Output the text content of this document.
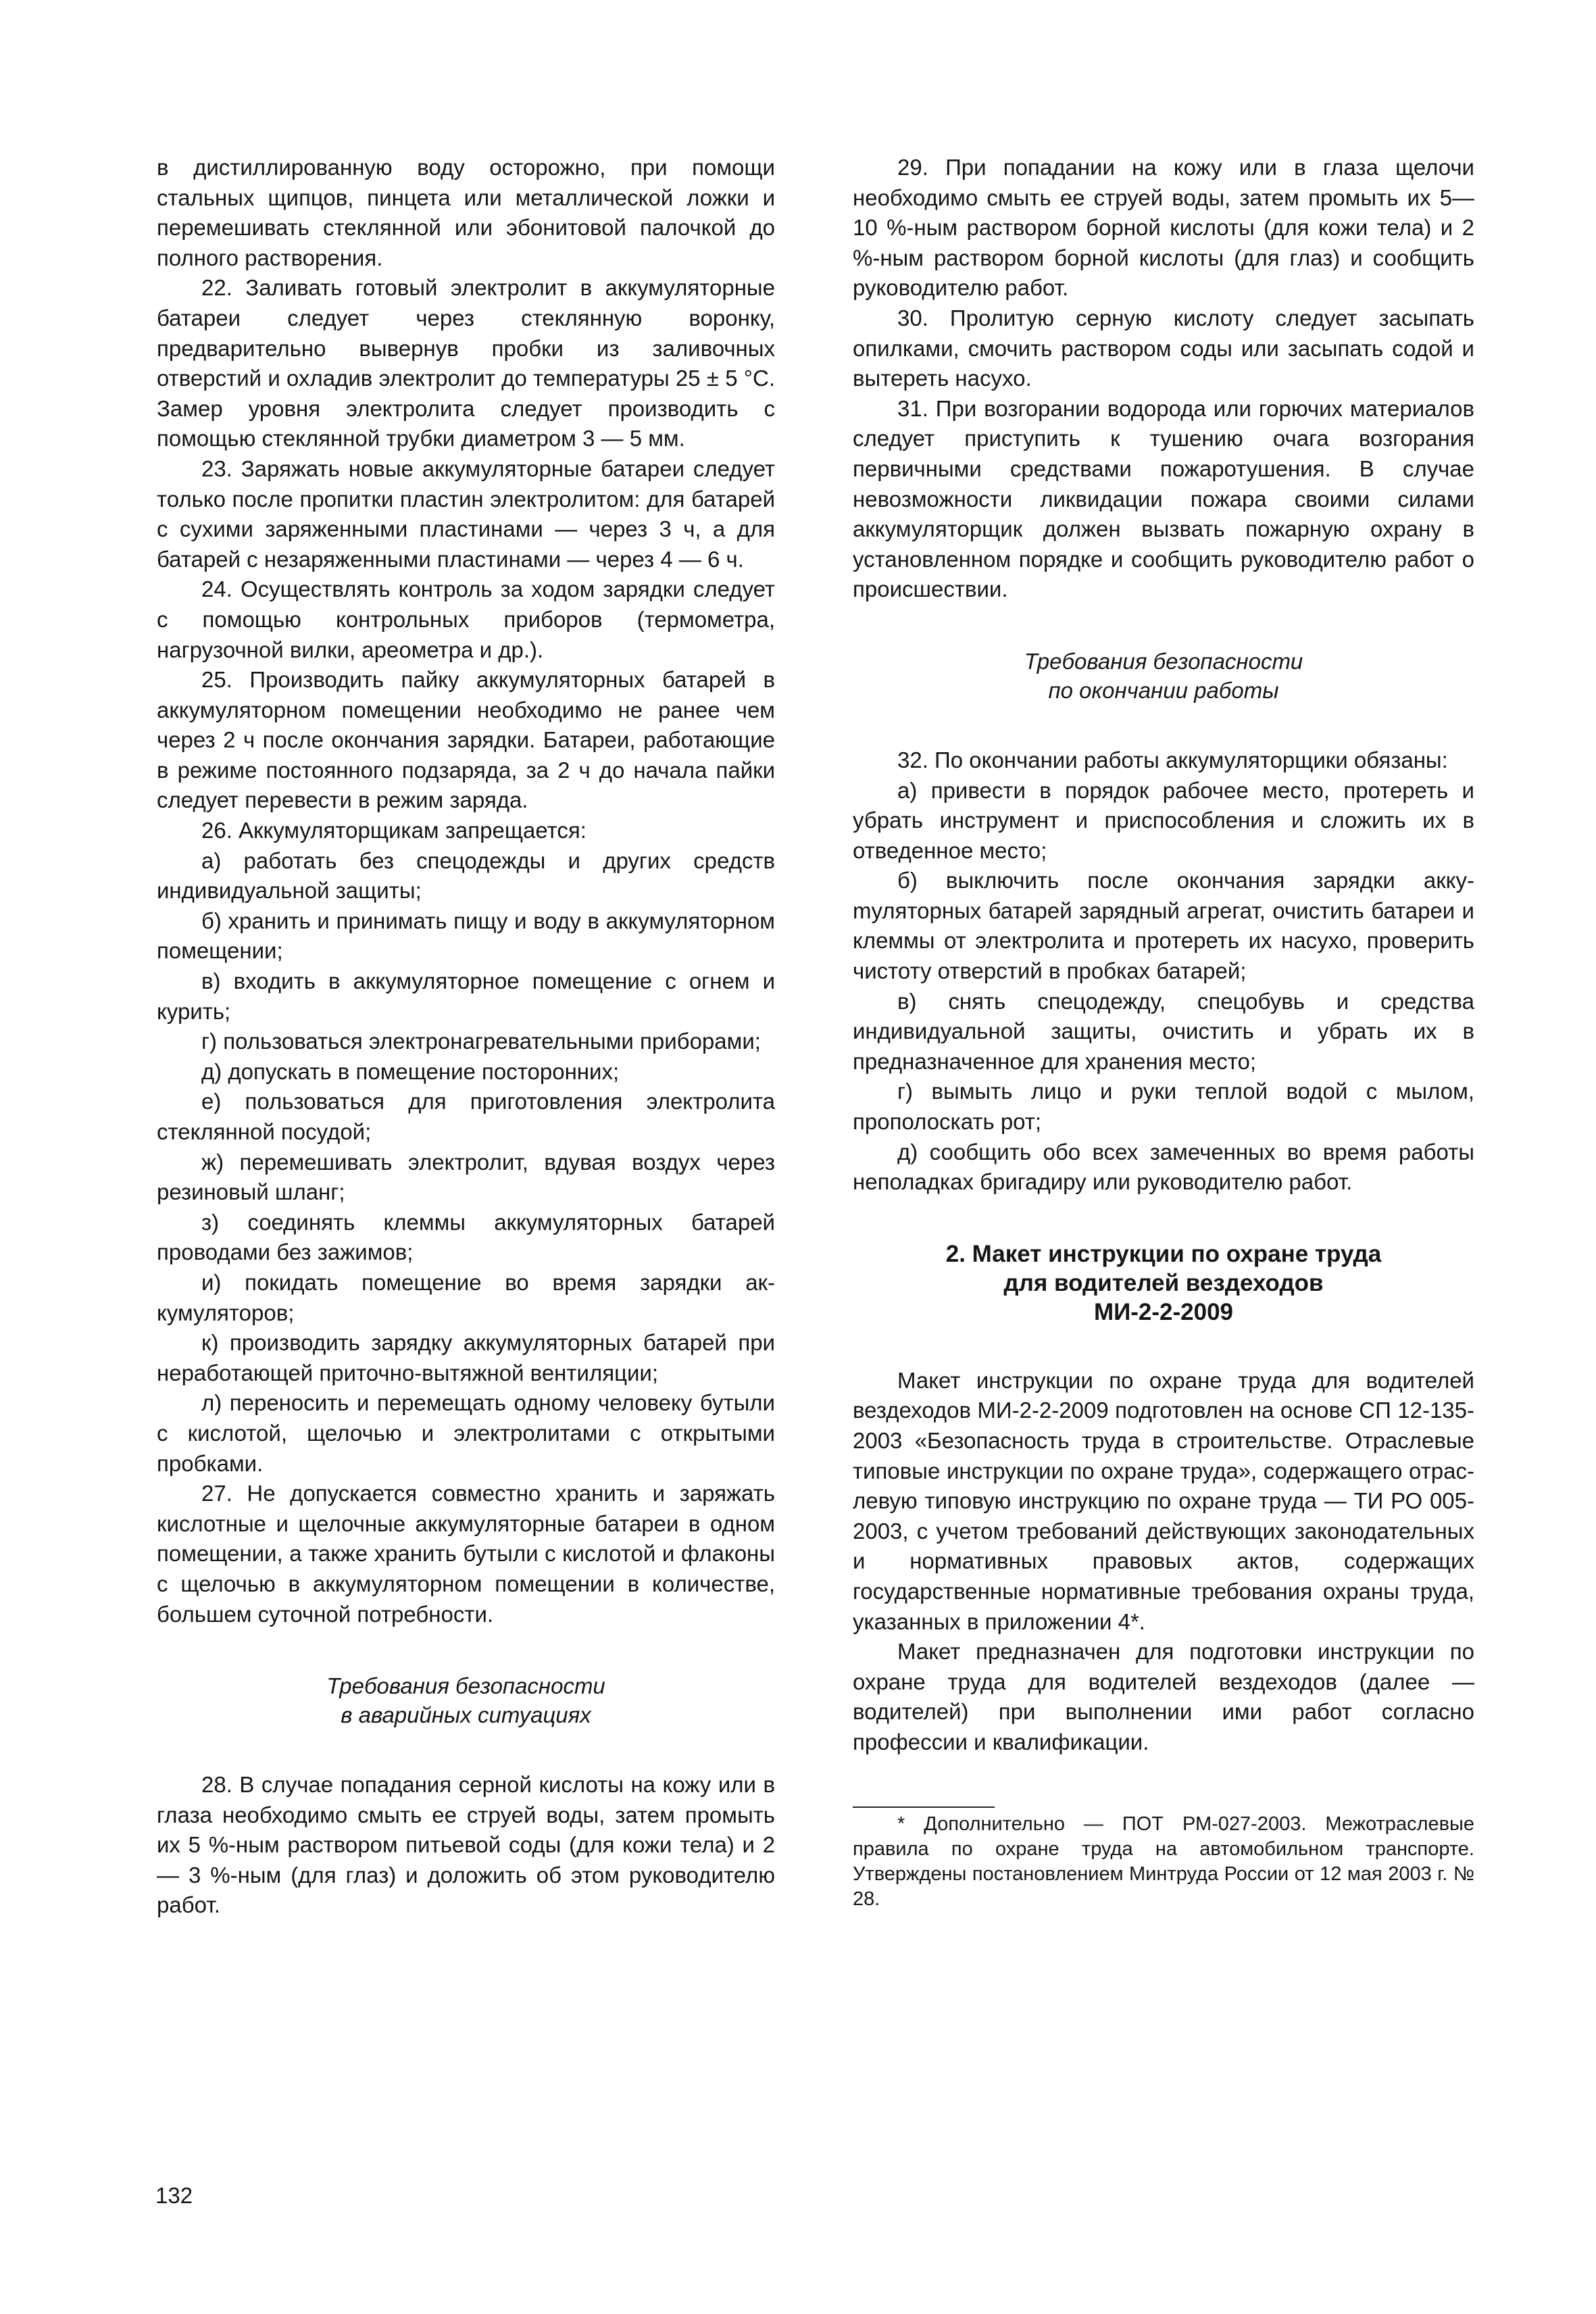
в дистиллированную воду осторожно, при помощи стальных щипцов, пинцета или металлической ложки и перемешивать стеклянной или эбонитовой палочкой до полного растворения.

22. Заливать готовый электролит в аккумуляторные батареи следует через стеклянную воронку, предварительно вывернув пробки из заливочных отверстий и охладив электролит до температуры 25 ± 5 °С. Замер уровня электролита следует производить с помощью стеклянной трубки диаметром 3 — 5 мм.

23. Заряжать новые аккумуляторные батареи следует только после пропитки пластин электролитом: для батарей с сухими заряженными пластинами — через 3 ч, а для батарей с незаряженными пластинами — через 4 — 6 ч.

24. Осуществлять контроль за ходом зарядки следует с помощью контрольных приборов (термометра, нагрузочной вилки, ареометра и др.).

25. Производить пайку аккумуляторных батарей в аккумуляторном помещении необходимо не ранее чем через 2 ч после окончания зарядки. Батареи, работающие в режиме постоянного подзаряда, за 2 ч до начала пайки следует перевести в режим заряда.

26. Аккумуляторщикам запрещается:

а) работать без спецодежды и других средств индивидуальной защиты;

б) хранить и принимать пищу и воду в аккумуляторном помещении;

в) входить в аккумуляторное помещение с огнем и курить;

г) пользоваться электронагревательными приборами;

д) допускать в помещение посторонних;

е) пользоваться для приготовления электролита стеклянной посудой;

ж) перемешивать электролит, вдувая воздух через резиновый шланг;

з) соединять клеммы аккумуляторных батарей проводами без зажимов;

и) покидать помещение во время зарядки аккумуляторов;

к) производить зарядку аккумуляторных батарей при неработающей приточно-вытяжной вентиляции;

л) переносить и перемещать одному человеку бутыли с кислотой, щелочью и электролитами с открытыми пробками.

27. Не допускается совместно хранить и заряжать кислотные и щелочные аккумуляторные батареи в одном помещении, а также хранить бутыли с кислотой и флаконы с щелочью в аккумуляторном помещении в количестве, большем суточной потребности.

Требования безопасности
в аварийных ситуациях

28. В случае попадания серной кислоты на кожу или в глаза необходимо смыть ее струей воды, затем промыть их 5 %-ным раствором питьевой соды (для кожи тела) и 2 — 3 %-ным (для глаз) и доложить об этом руководителю работ.

29. При попадании на кожу или в глаза щелочи необходимо смыть ее струей воды, затем промыть их 5—10 %-ным раствором борной кислоты (для кожи тела) и 2 %-ным раствором борной кислоты (для глаз) и сообщить руководителю работ.

30. Пролитую серную кислоту следует засыпать опилками, смочить раствором соды или засыпать содой и вытереть насухо.

31. При возгорании водорода или горючих материалов следует приступить к тушению очага возгорания первичными средствами пожаротушения. В случае невозможности ликвидации пожара своими силами аккумуляторщик должен вызвать пожарную охрану в установленном порядке и сообщить руководителю работ о происшествии.

Требования безопасности
по окончании работы

32. По окончании работы аккумуляторщики обязаны:

а) привести в порядок рабочее место, протереть и убрать инструмент и приспособления и сложить их в отведенное место;

б) выключить после окончания зарядки аккуmуляторных батарей зарядный агрегат, очистить батареи и клеммы от электролита и протереть их насухо, проверить чистоту отверстий в пробках батарей;

в) снять спецодежду, спецобувь и средства индивидуальной защиты, очистить и убрать их в предназначенное для хранения место;

г) вымыть лицо и руки теплой водой с мылом, прополоскать рот;

д) сообщить обо всех замеченных во время работы неполадках бригадиру или руководителю работ.

2. Макет инструкции по охране труда
для водителей вездеходов
МИ-2-2-2009

Макет инструкции по охране труда для водителей вездеходов МИ-2-2-2009 подготовлен на основе СП 12-135-2003 «Безопасность труда в строительстве. Отраслевые типовые инструкции по охране труда», содержащего отраслевую типовую инструкцию по охране труда — ТИ РО 005-2003, с учетом требований действующих законодательных и нормативных правовых актов, содержащих государственные нормативные требования охраны труда, указанных в приложении 4*.

Макет предназначен для подготовки инструкции по охране труда для водителей вездеходов (далее — водителей) при выполнении ими работ согласно профессии и квалификации.

* Дополнительно — ПОТ РМ-027-2003. Межотраслевые правила по охране труда на автомобильном транспорте. Утверждены постановлением Минтруда России от 12 мая 2003 г. № 28.

132
